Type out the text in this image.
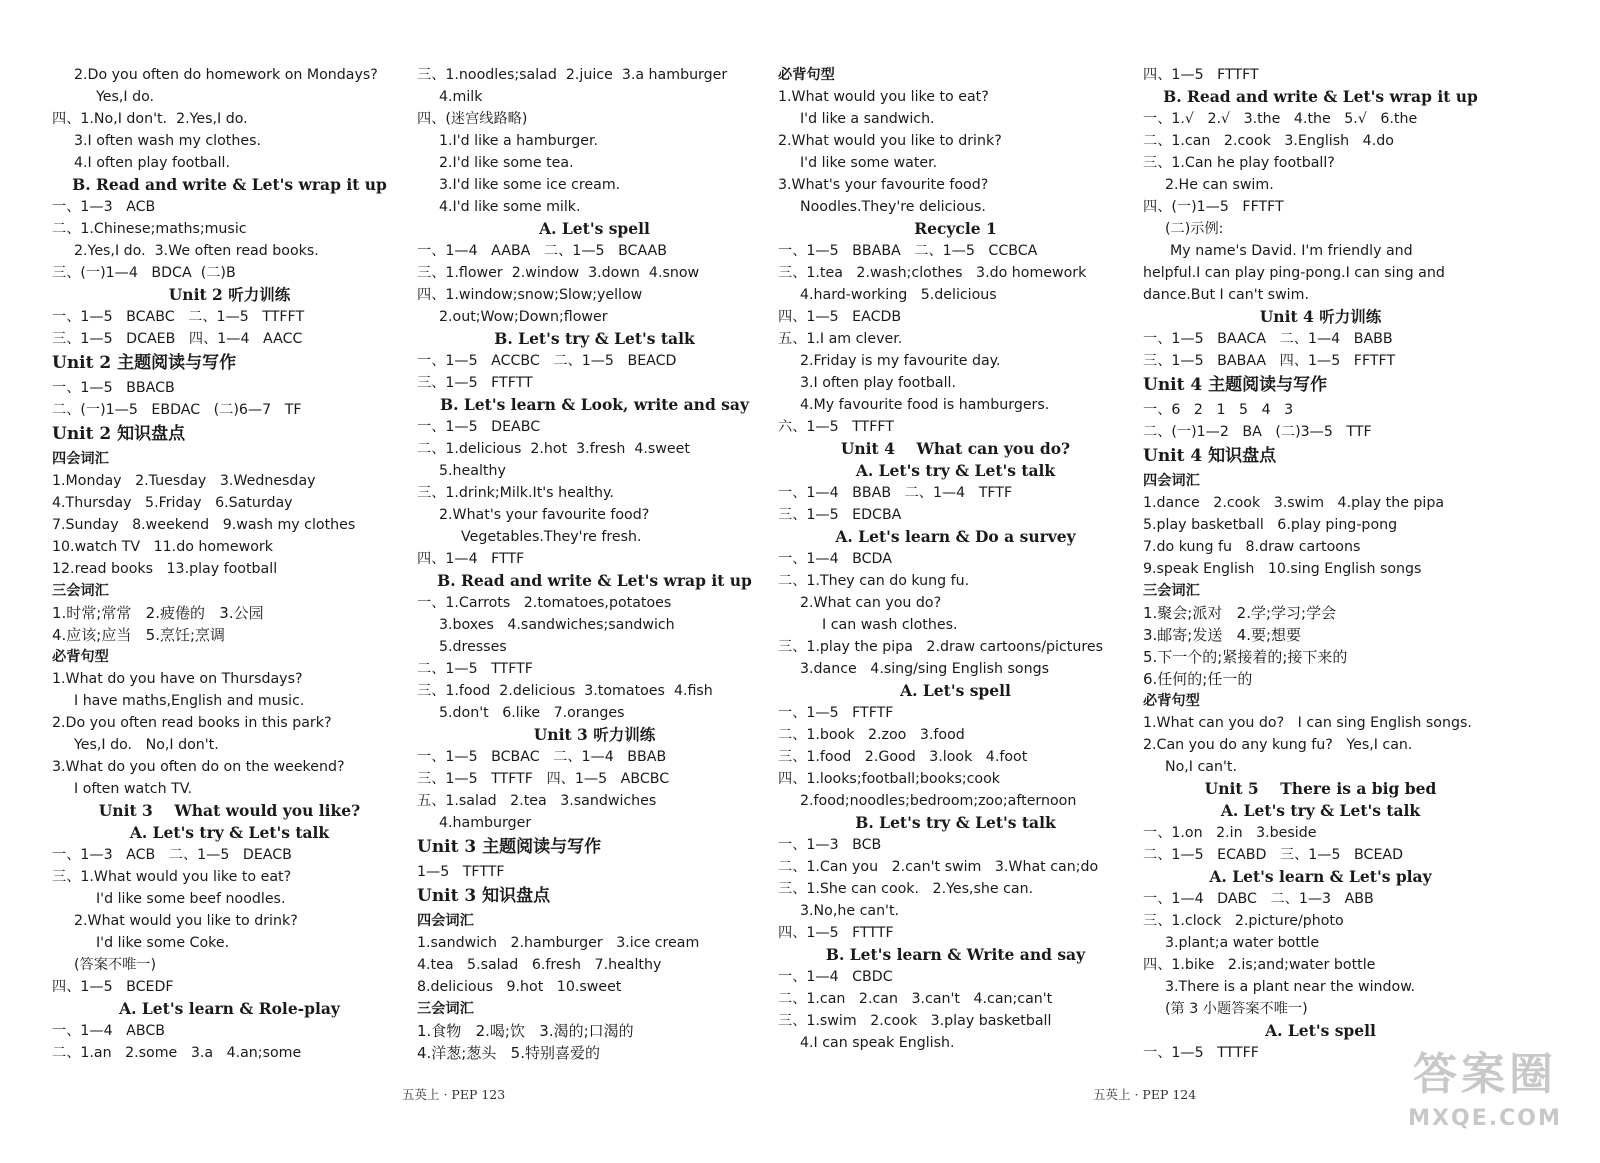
2.Do you often do homework on Mondays?
Yes,I do.
四、1.No,I don't.  2.Yes,I do.
3.I often wash my clothes.
4.I often play football.
B. Read and write & Let's wrap it up
一、1—3   ACB
二、1.Chinese;maths;music
2.Yes,I do.  3.We often read books.
三、(一)1—4   BDCA  (二)B
Unit 2 听力训练
一、1—5   BCABC   二、1—5   TTFFT
三、1—5   DCAEB   四、1—4   AACC
Unit 2 主题阅读与写作
一、1—5   BBACB
二、(一)1—5   EBDAC   (二)6—7   TF
Unit 2 知识盘点
四会词汇
1.Monday   2.Tuesday   3.Wednesday
4.Thursday   5.Friday   6.Saturday
7.Sunday   8.weekend   9.wash my clothes
10.watch TV   11.do homework
12.read books   13.play football
三会词汇
1.时常;常常   2.疲倦的   3.公园
4.应该;应当   5.烹饪;烹调
必背句型
1.What do you have on Thursdays?
I have maths,English and music.
2.Do you often read books in this park?
Yes,I do.   No,I don't.
3.What do you often do on the weekend?
I often watch TV.
Unit 3    What would you like?
A. Let's try & Let's talk
一、1—3   ACB   二、1—5   DEACB
三、1.What would you like to eat?
I'd like some beef noodles.
2.What would you like to drink?
I'd like some Coke.
(答案不唯一)
四、1—5   BCEDF
A. Let's learn & Role-play
一、1—4   ABCB
二、1.an   2.some   3.a   4.an;some
三、1.noodles;salad  2.juice  3.a hamburger
4.milk
四、(迷宫线路略)
1.I'd like a hamburger.
2.I'd like some tea.
3.I'd like some ice cream.
4.I'd like some milk.
A. Let's spell
一、1—4   AABA   二、1—5   BCAAB
三、1.flower  2.window  3.down  4.snow
四、1.window;snow;Slow;yellow
2.out;Wow;Down;flower
B. Let's try & Let's talk
一、1—5   ACCBC   二、1—5   BEACD
三、1—5   FTFTT
B. Let's learn & Look, write and say
一、1—5   DEABC
二、1.delicious  2.hot  3.fresh  4.sweet
5.healthy
三、1.drink;Milk.It's healthy.
2.What's your favourite food?
Vegetables.They're fresh.
四、1—4   FTTF
B. Read and write & Let's wrap it up
一、1.Carrots   2.tomatoes,potatoes
3.boxes   4.sandwiches;sandwich
5.dresses
二、1—5   TTFTF
三、1.food  2.delicious  3.tomatoes  4.fish
5.don't   6.like   7.oranges
Unit 3 听力训练
一、1—5   BCBAC   二、1—4   BBAB
三、1—5   TTFTF   四、1—5   ABCBC
五、1.salad   2.tea   3.sandwiches
4.hamburger
Unit 3 主题阅读与写作
1—5   TFTTF
Unit 3 知识盘点
四会词汇
1.sandwich   2.hamburger   3.ice cream
4.tea   5.salad   6.fresh   7.healthy
8.delicious   9.hot   10.sweet
三会词汇
1.食物   2.喝;饮   3.渴的;口渴的
4.洋葱;葱头   5.特别喜爱的
必背句型
1.What would you like to eat?
I'd like a sandwich.
2.What would you like to drink?
I'd like some water.
3.What's your favourite food?
Noodles.They're delicious.
Recycle 1
一、1—5   BBABA   二、1—5   CCBCA
三、1.tea   2.wash;clothes   3.do homework
4.hard-working   5.delicious
四、1—5   EACDB
五、1.I am clever.
2.Friday is my favourite day.
3.I often play football.
4.My favourite food is hamburgers.
六、1—5   TTFFT
Unit 4    What can you do?
A. Let's try & Let's talk
一、1—4   BBAB   二、1—4   TFTF
三、1—5   EDCBA
A. Let's learn & Do a survey
一、1—4   BCDA
二、1.They can do kung fu.
2.What can you do?
I can wash clothes.
三、1.play the pipa   2.draw cartoons/pictures
3.dance   4.sing/sing English songs
A. Let's spell
一、1—5   FTFTF
二、1.book   2.zoo   3.food
三、1.food   2.Good   3.look   4.foot
四、1.looks;football;books;cook
2.food;noodles;bedroom;zoo;afternoon
B. Let's try & Let's talk
一、1—3   BCB
二、1.Can you   2.can't swim   3.What can;do
三、1.She can cook.   2.Yes,she can.
3.No,he can't.
四、1—5   FTTTF
B. Let's learn & Write and say
一、1—4   CBDC
二、1.can   2.can   3.can't   4.can;can't
三、1.swim   2.cook   3.play basketball
4.I can speak English.
四、1—5   FTTFT
B. Read and write & Let's wrap it up
一、1.√   2.√   3.the   4.the   5.√   6.the
二、1.can   2.cook   3.English   4.do
三、1.Can he play football?
2.He can swim.
四、(一)1—5   FFTFT
(二)示例:
My name's David. I'm friendly and
helpful.I can play ping-pong.I can sing and
dance.But I can't swim.
Unit 4 听力训练
一、1—5   BAACA   二、1—4   BABB
三、1—5   BABAA   四、1—5   FFTFT
Unit 4 主题阅读与写作
一、6   2   1   5   4   3
二、(一)1—2   BA   (二)3—5   TTF
Unit 4 知识盘点
四会词汇
1.dance   2.cook   3.swim   4.play the pipa
5.play basketball   6.play ping-pong
7.do kung fu   8.draw cartoons
9.speak English   10.sing English songs
三会词汇
1.聚会;派对   2.学;学习;学会
3.邮寄;发送   4.要;想要
5.下一个的;紧接着的;接下来的
6.任何的;任一的
必背句型
1.What can you do?   I can sing English songs.
2.Can you do any kung fu?   Yes,I can.
No,I can't.
Unit 5    There is a big bed
A. Let's try & Let's talk
一、1.on   2.in   3.beside
二、1—5   ECABD   三、1—5   BCEAD
A. Let's learn & Let's play
一、1—4   DABC   二、1—3   ABB
三、1.clock   2.picture/photo
3.plant;a water bottle
四、1.bike   2.is;and;water bottle
3.There is a plant near the window.
(第 3 小题答案不唯一)
A. Let's spell
一、1—5   TTTFF
五英上 · PEP 123	五英上 · PEP 124	答案圈
MXQE.COM
